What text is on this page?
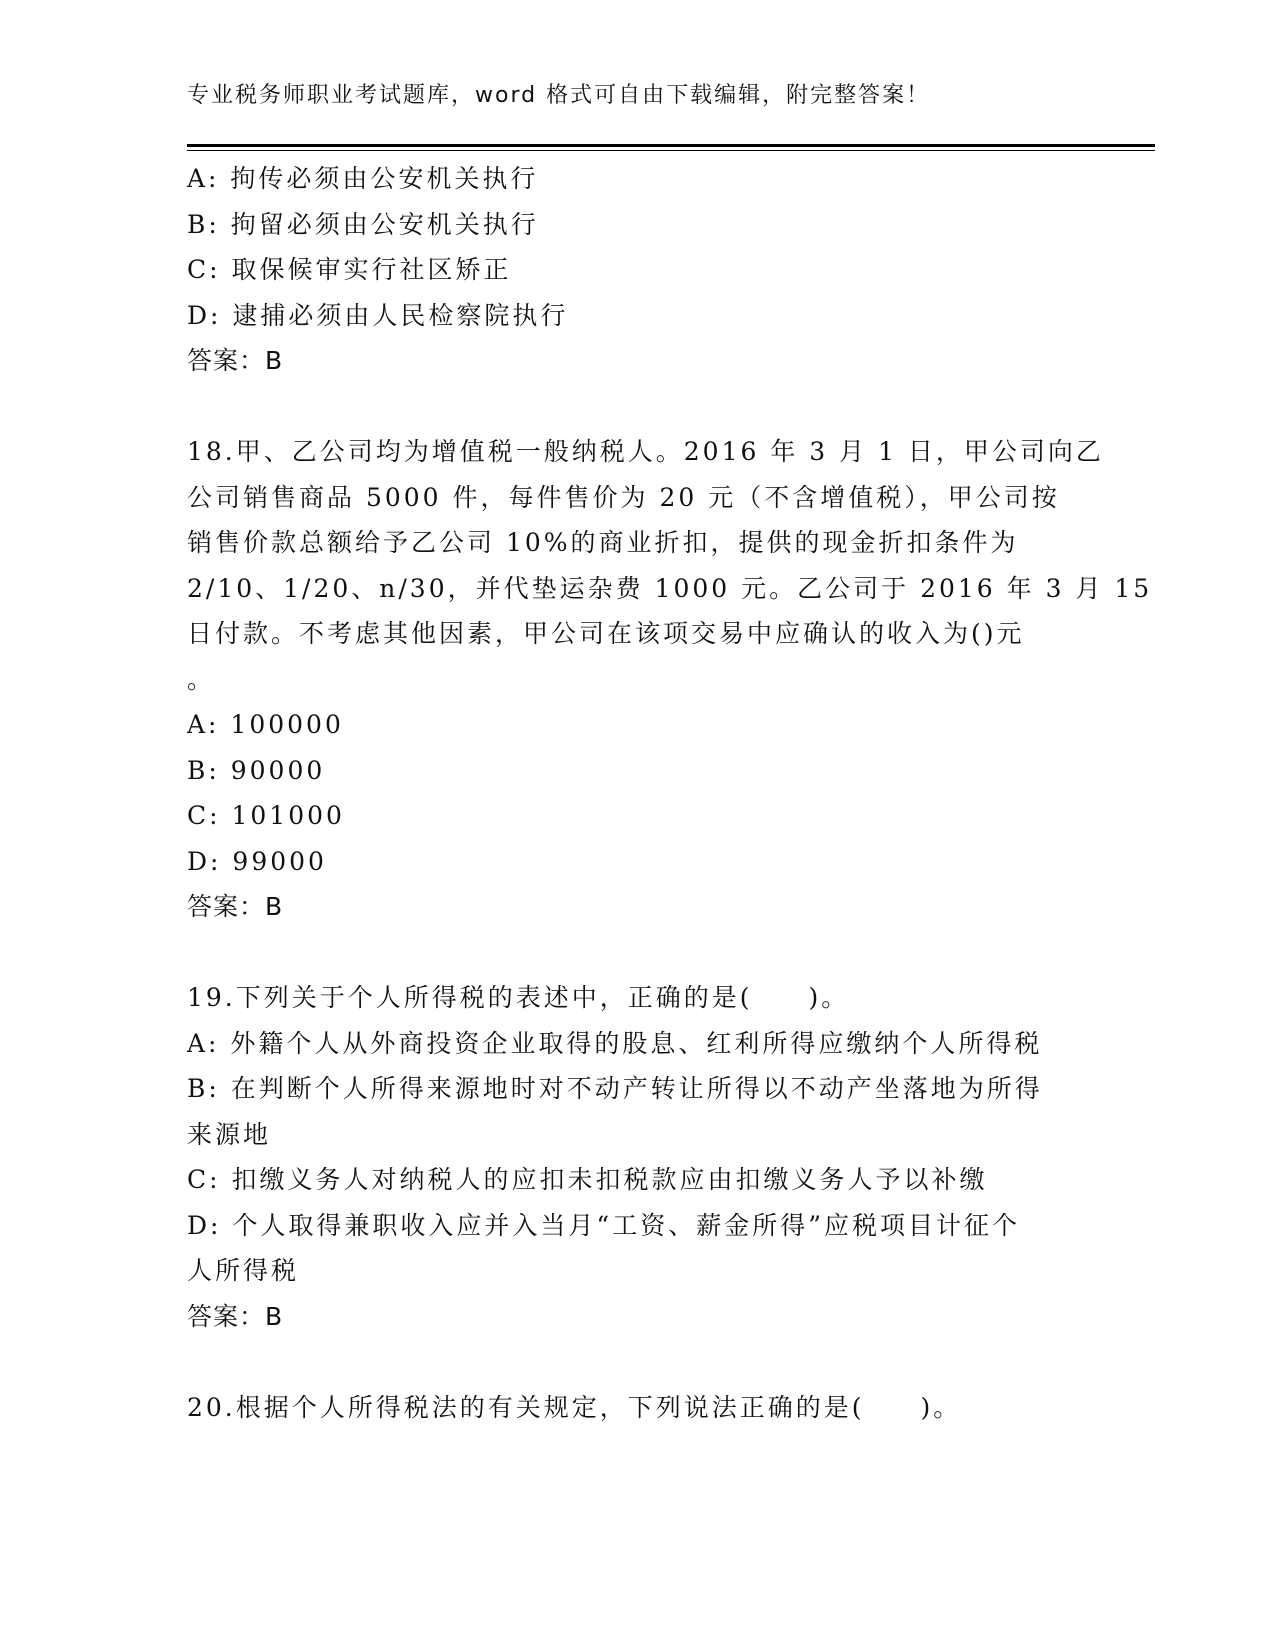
专业税务师职业考试题库，word 格式可自由下载编辑，附完整答案！
A: 拘传必须由公安机关执行
B: 拘留必须由公安机关执行
C: 取保候审实行社区矫正
D: 逮捕必须由人民检察院执行
答案：B
18.甲、乙公司均为增值税一般纳税人。2016 年 3 月 1 日，甲公司向乙
公司销售商品 5000 件，每件售价为 20 元（不含增值税），甲公司按
销售价款总额给予乙公司 10%的商业折扣，提供的现金折扣条件为
2/10、1/20、n/30，并代垫运杂费 1000 元。乙公司于 2016 年 3 月 15
日付款。不考虑其他因素，甲公司在该项交易中应确认的收入为()元
。
A: 100000
B: 90000
C: 101000
D: 99000
答案：B
19.下列关于个人所得税的表述中，正确的是(　　)。
A: 外籍个人从外商投资企业取得的股息、红利所得应缴纳个人所得税
B: 在判断个人所得来源地时对不动产转让所得以不动产坐落地为所得
来源地
C: 扣缴义务人对纳税人的应扣未扣税款应由扣缴义务人予以补缴
D: 个人取得兼职收入应并入当月“工资、薪金所得”应税项目计征个
人所得税
答案：B
20.根据个人所得税法的有关规定，下列说法正确的是(　　)。
